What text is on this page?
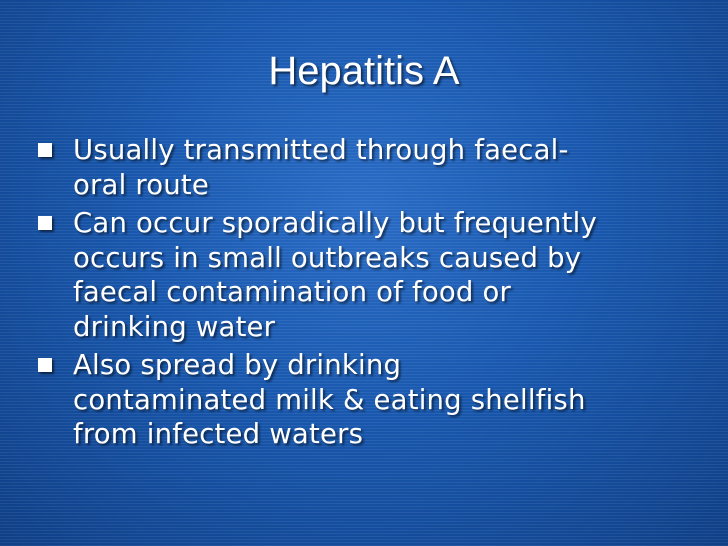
Hepatitis A
Usually transmitted through faecal-
oral route
Can occur sporadically but frequently
occurs in small outbreaks caused by
faecal contamination of food or
drinking water
Also spread by drinking
contaminated milk & eating shellfish
from infected waters
